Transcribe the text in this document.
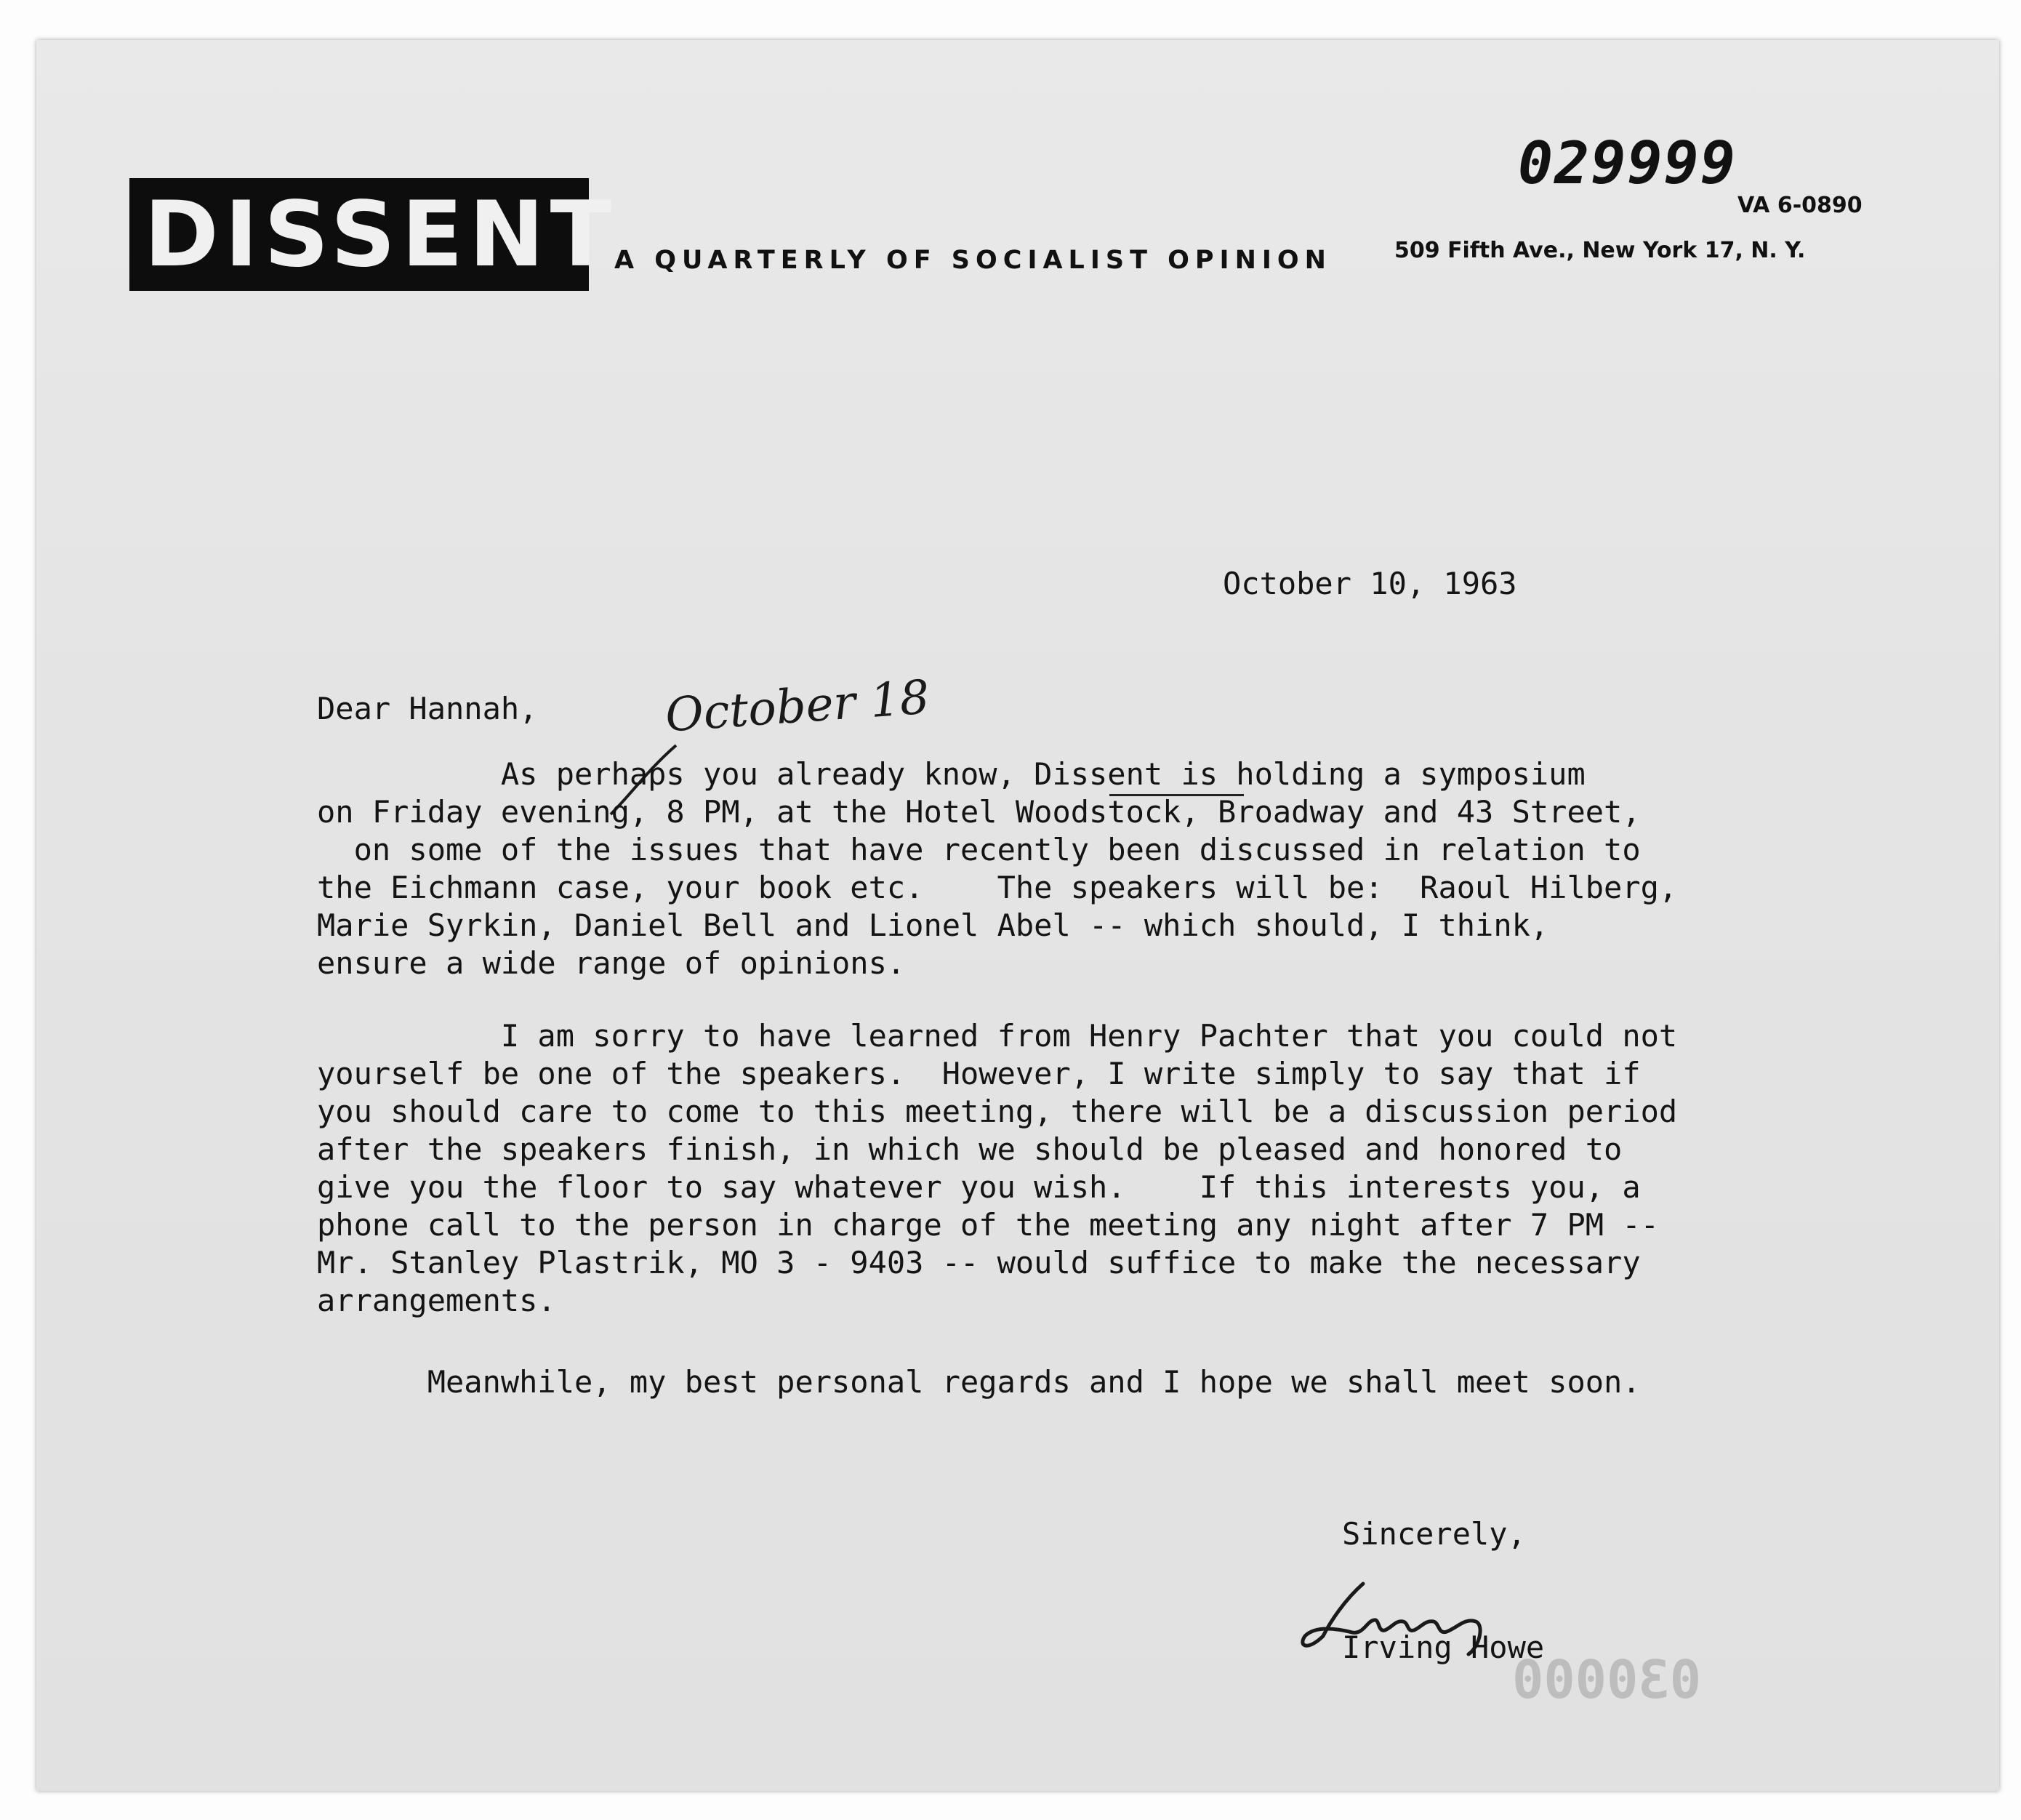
029999
VA 6-0890
DISSENT
A QUARTERLY OF SOCIALIST OPINION	509 Fifth Ave., New York 17, N. Y.
030000
October 10, 1963
Dear Hannah,	October 18
As perhaps you already know, Dissent is holding a symposium
on Friday evening, 8 PM, at the Hotel Woodstock, Broadway and 43 Street,
on some of the issues that have recently been discussed in relation to
the Eichmann case, your book etc.    The speakers will be:  Raoul Hilberg,
Marie Syrkin, Daniel Bell and Lionel Abel -- which should, I think,
ensure a wide range of opinions.
I am sorry to have learned from Henry Pachter that you could not
yourself be one of the speakers.  However, I write simply to say that if
you should care to come to this meeting, there will be a discussion period
after the speakers finish, in which we should be pleased and honored to
give you the floor to say whatever you wish.    If this interests you, a
phone call to the person in charge of the meeting any night after 7 PM --
Mr. Stanley Plastrik, MO 3 - 9403 -- would suffice to make the necessary
arrangements.
Meanwhile, my best personal regards and I hope we shall meet soon.
Sincerely,
Irving Howe
